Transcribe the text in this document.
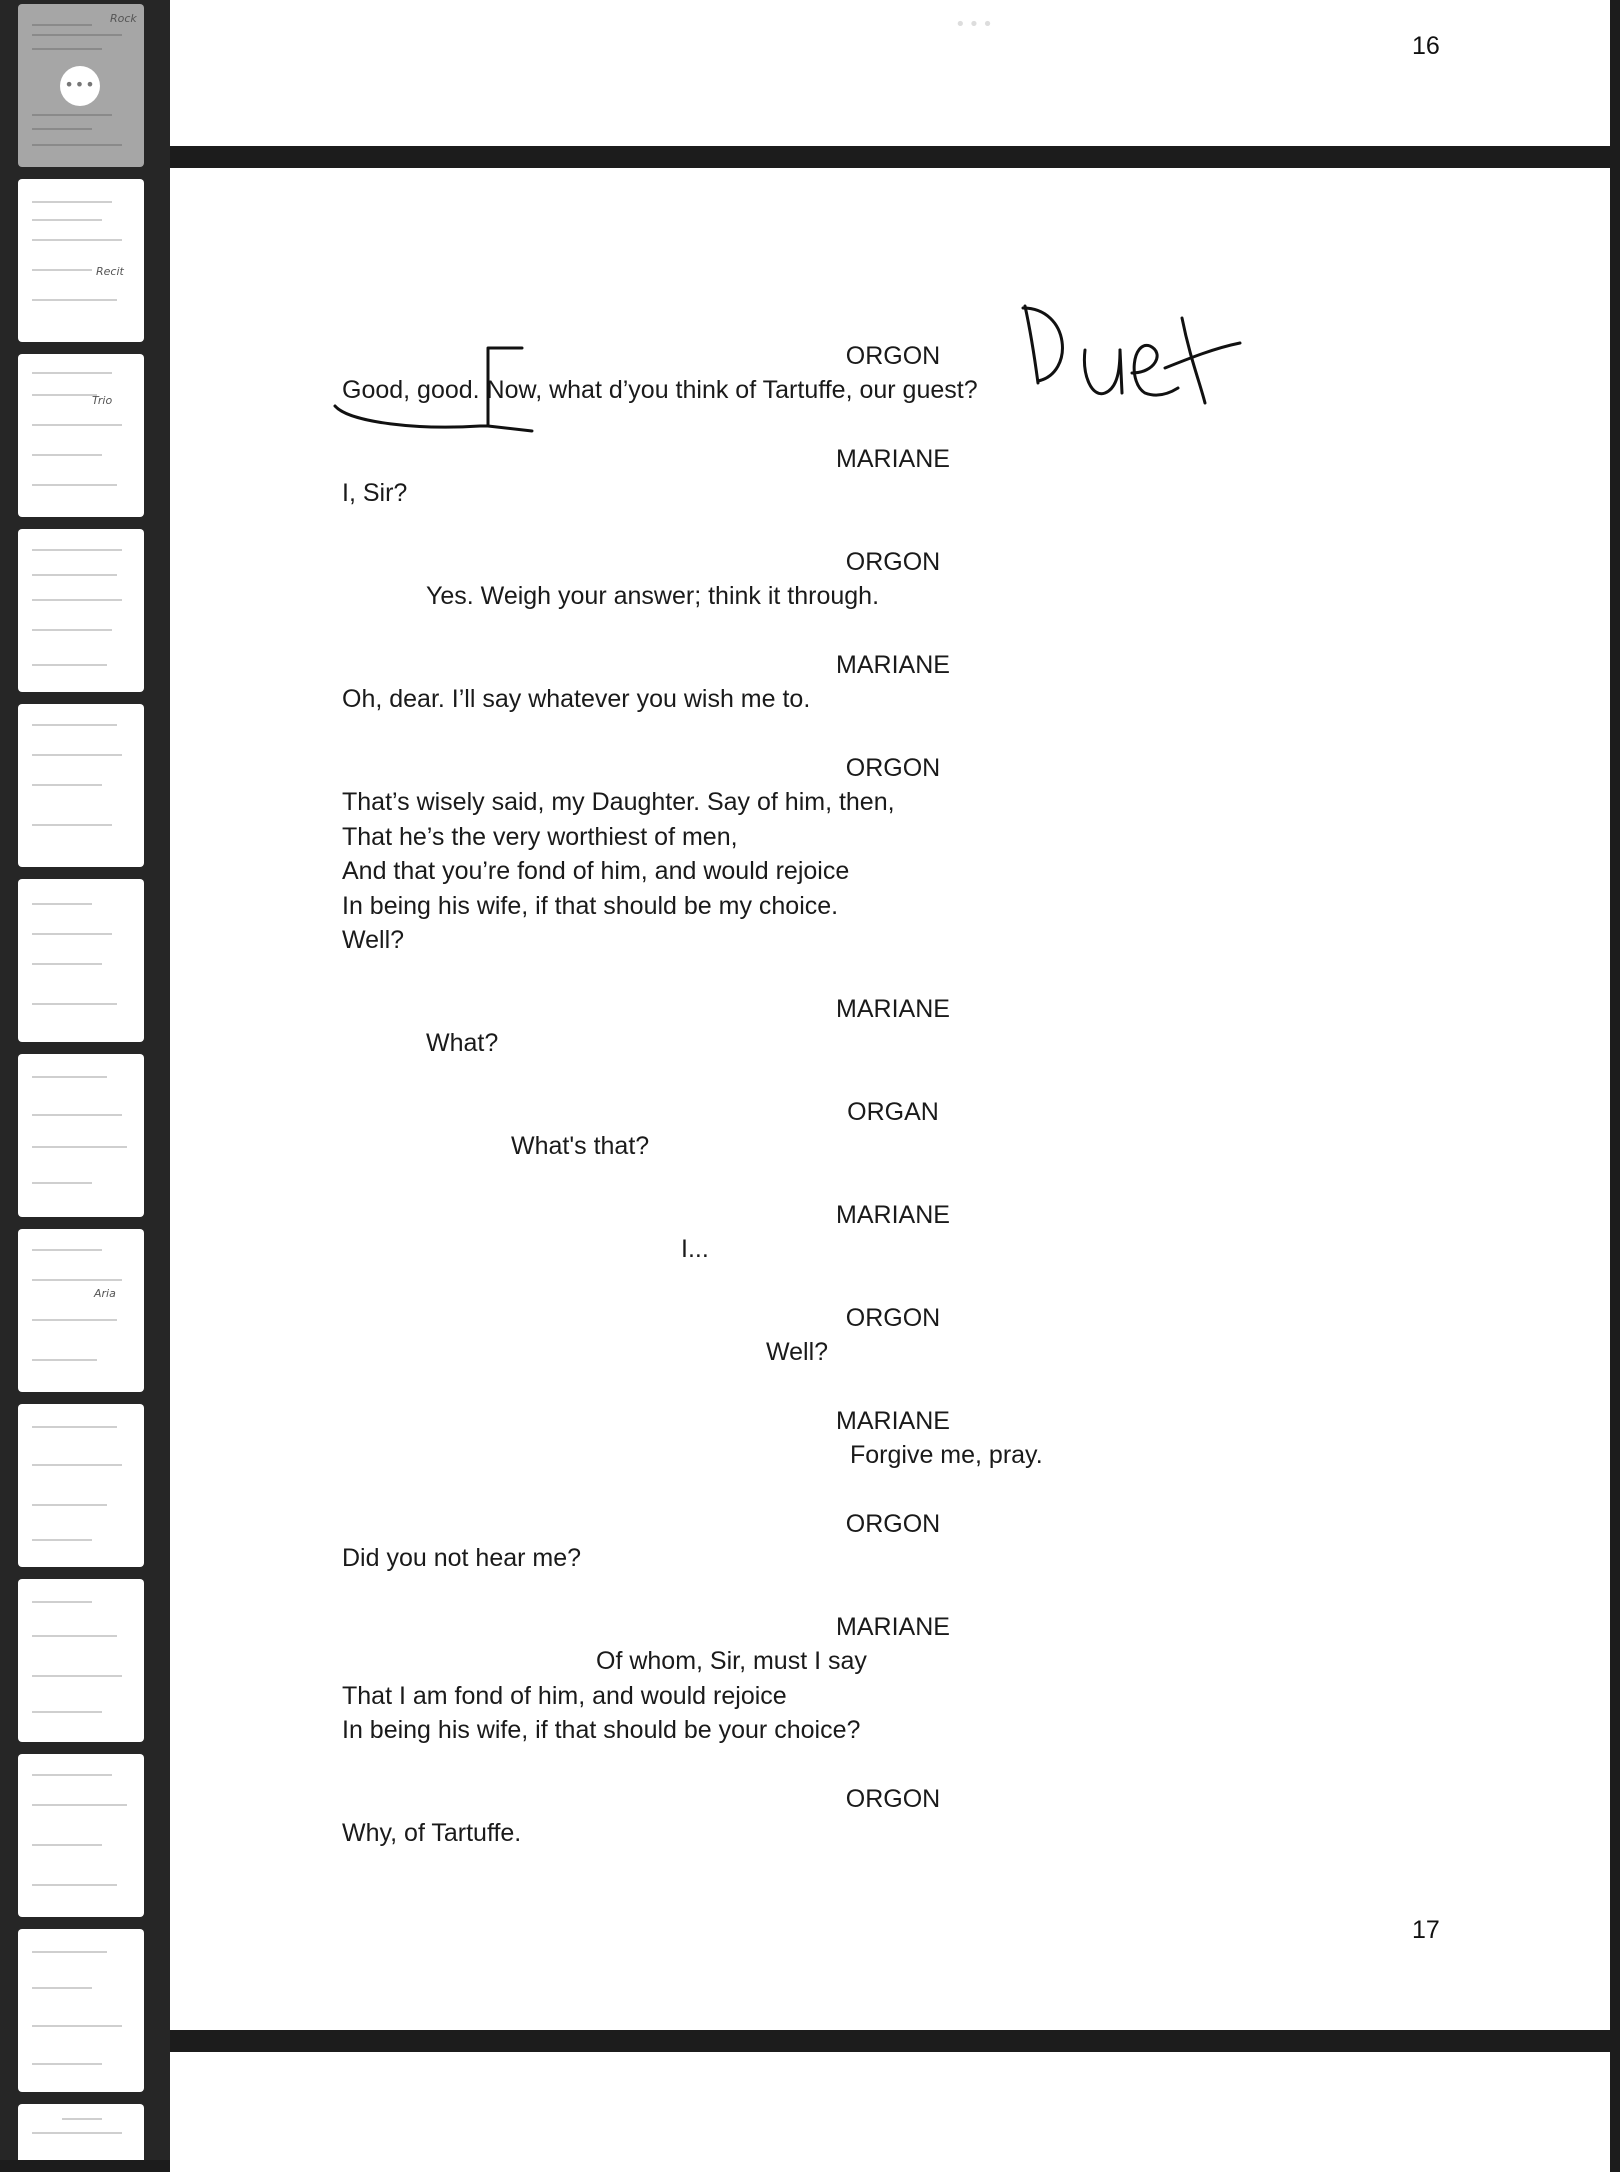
Rock
•••
Recit
Trio
Aria
•••
16
ORGON
Good, good. Now, what d’you think of Tartuffe, our guest?
MARIANE
I, Sir?
ORGON
Yes. Weigh your answer; think it through.
MARIANE
Oh, dear. I’ll say whatever you wish me to.
ORGON
That’s wisely said, my Daughter. Say of him, then,
That he’s the very worthiest of men,
And that you’re fond of him, and would rejoice
In being his wife, if that should be my choice.
Well?
MARIANE
What?
ORGAN
What's that?
MARIANE
I...
ORGON
Well?
MARIANE
Forgive me, pray.
ORGON
Did you not hear me?
MARIANE
Of whom, Sir, must I say
That I am fond of him, and would rejoice
In being his wife, if that should be your choice?
ORGON
Why, of Tartuffe.
17
Duet
